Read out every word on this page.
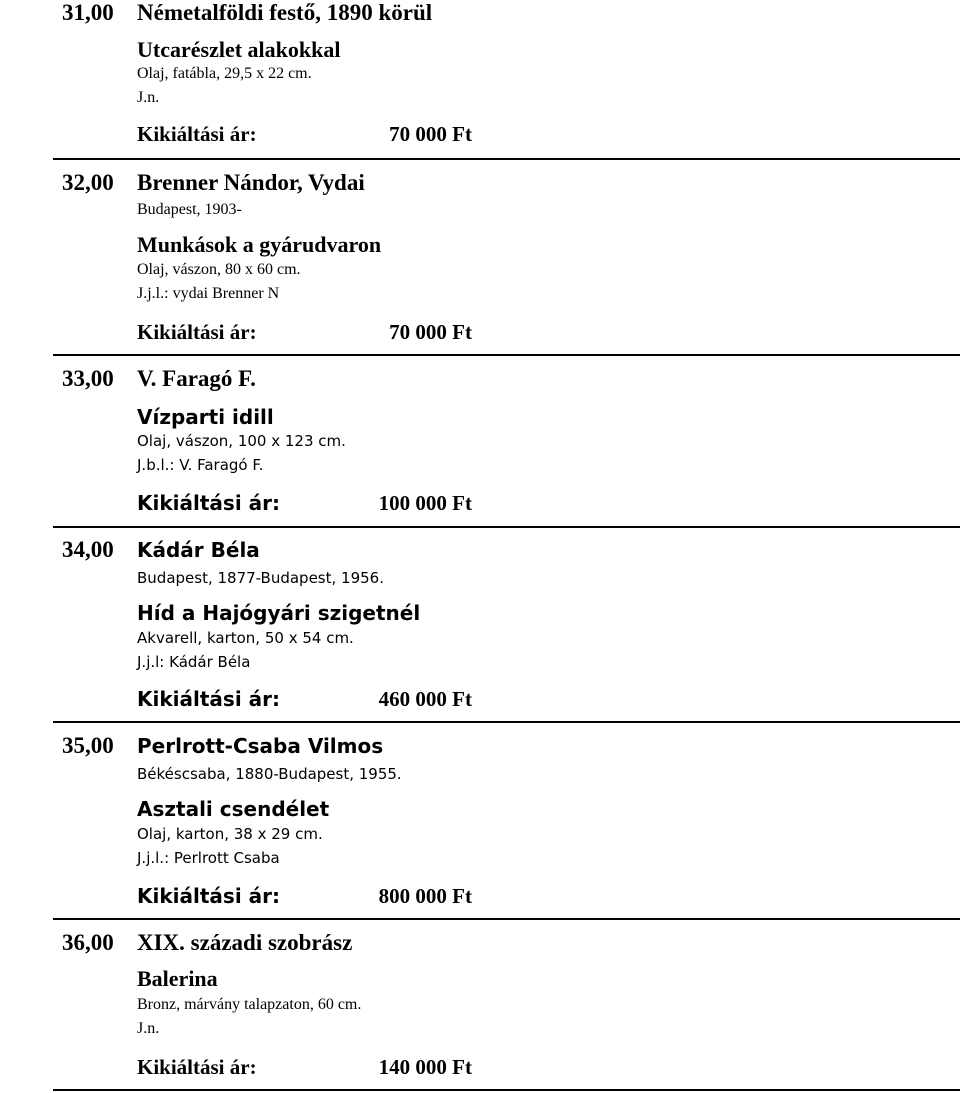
31,00 Németalföldi festő, 1890 körül
Utcarészlet alakokkal
Olaj, fatábla, 29,5 x 22 cm.
J.n.
Kikiáltási ár:	70 000 Ft
32,00 Brenner Nándor, Vydai
Budapest, 1903-
Munkások a gyárudvaron
Olaj, vászon, 80 x 60 cm.
J.j.l.: vydai Brenner N
Kikiáltási ár:	70 000 Ft
33,00 V. Faragó F.
Vízparti idill
Olaj, vászon, 100 x 123 cm.
J.b.l.: V. Faragó F.
Kikiáltási ár:	100 000 Ft
34,00 Kádár Béla
Budapest, 1877-Budapest, 1956.
Híd a Hajógyári szigetnél
Akvarell, karton, 50 x 54 cm.
J.j.l: Kádár Béla
Kikiáltási ár:	460 000 Ft
35,00 Perlrott-Csaba Vilmos
Békéscsaba, 1880-Budapest, 1955.
Asztali csendélet
Olaj, karton, 38 x 29 cm.
J.j.l.: Perlrott Csaba
Kikiáltási ár:	800 000 Ft
36,00 XIX. századi szobrász
Balerina
Bronz, márvány talapzaton, 60 cm.
J.n.
Kikiáltási ár:	140 000 Ft
